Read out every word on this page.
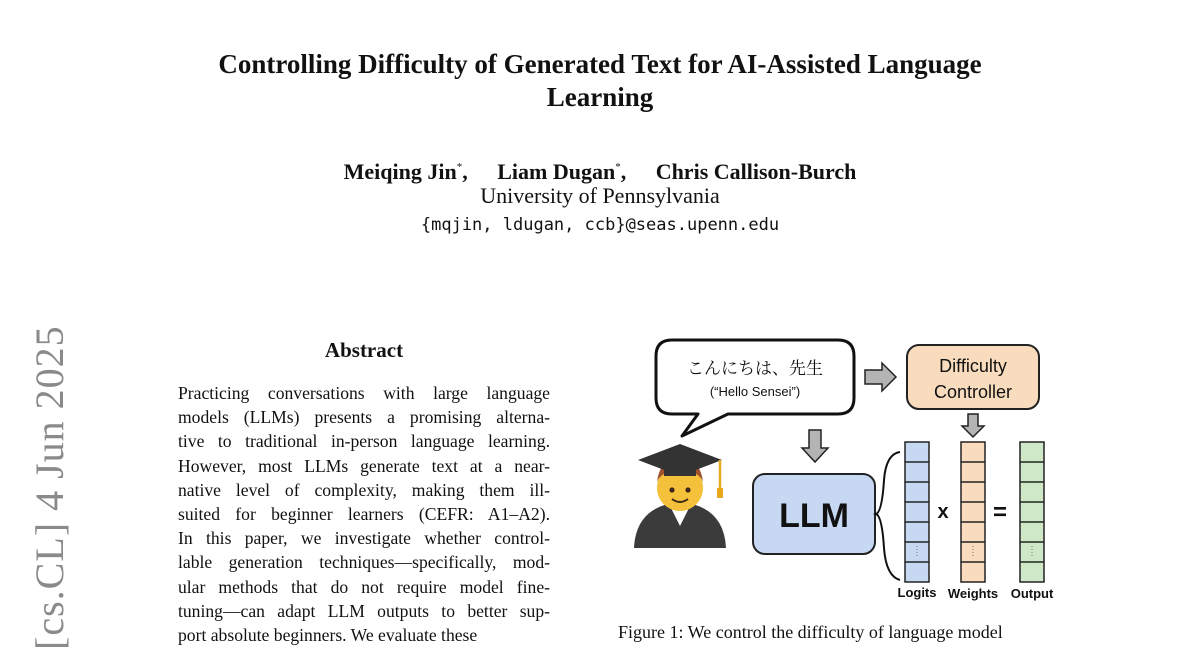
[cs.CL] 4 Jun 2025
Controlling Difficulty of Generated Text for AI-Assisted Language Learning
Meiqing Jin*, Liam Dugan*, Chris Callison-Burch
University of Pennsylvania
{mqjin, ldugan, ccb}@seas.upenn.edu
Abstract
Practicing conversations with large language
models (LLMs) presents a promising alterna-
tive to traditional in-person language learning.
However, most LLMs generate text at a near-
native level of complexity, making them ill-
suited for beginner learners (CEFR: A1–A2).
In this paper, we investigate whether control-
lable generation techniques—specifically, mod-
ular methods that do not require model fine-
tuning—can adapt LLM outputs to better sup-
port absolute beginners. We evaluate these
こんにちは、先生
(“Hello Sensei”)
Difficulty
Controller
LLM	x =
Logits Weights Output
Figure 1: We control the difficulty of language model
